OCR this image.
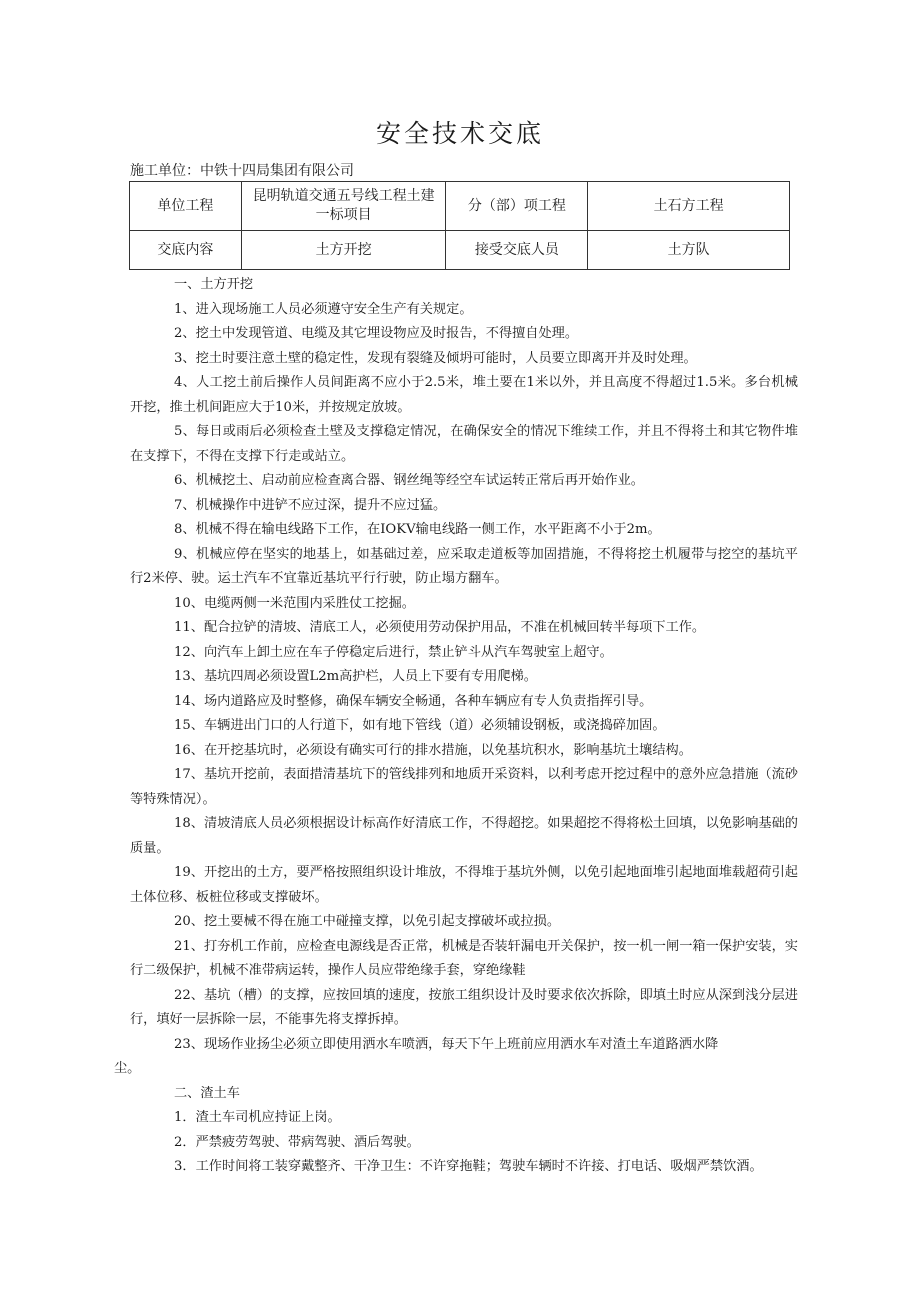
安全技术交底
施工单位：中铁十四局集团有限公司
单位工程	昆明轨道交通五号线工程土建一标项目	分（部）项工程	土石方工程
交底内容	土方开挖	接受交底人员	土方队

一、土方开挖

1、进入现场施工人员必须遵守安全生产有关规定。

2、挖土中发现管道、电缆及其它埋设物应及时报告，不得擅自处理。

3、挖土时要注意土壁的稳定性，发现有裂缝及倾坍可能时，人员要立即离开并及时处理。

4、人工挖土前后操作人员间距离不应小于2.5米，堆土要在1米以外，并且高度不得超过1.5米。多台机械开挖，推土机间距应大于10米，并按规定放坡。

5、每日或雨后必须检查土壁及支撑稳定情况，在确保安全的情况下维续工作，并且不得将土和其它物件堆在支撑下，不得在支撑下行走或站立。

6、机械挖土、启动前应检查离合器、钢丝绳等经空车试运转正常后再开始作业。

7、机械操作中进铲不应过深，提升不应过猛。

8、机械不得在输电线路下工作，在IOKV输电线路一侧工作，水平距离不小于2m。

9、机械应停在坚实的地基上，如基础过差，应采取走道板等加固措施，不得将挖土机履带与挖空的基坑平行2米停、驶。运土汽车不宜靠近基坑平行行驶，防止塌方翻车。

10、电缆两侧一米范围内采胜仗工挖掘。

11、配合拉铲的清坡、清底工人，必须使用劳动保护用品，不准在机械回转半每项下工作。

12、向汽车上卸土应在车子停稳定后进行，禁止铲斗从汽车驾驶室上超守。

13、基坑四周必须设置L2m高护栏，人员上下要有专用爬梯。

14、场内道路应及时整修，确保车辆安全畅通，各种车辆应有专人负责指挥引导。

15、车辆进出门口的人行道下，如有地下管线（道）必须辅设钢板，或浇捣碎加固。

16、在开挖基坑时，必须设有确实可行的排水措施，以免基坑积水，影响基坑土壤结构。

17、基坑开挖前，表面措清基坑下的管线排列和地质开采资料，以利考虑开挖过程中的意外应急措施（流砂等特殊情况）。

18、清坡清底人员必须根据设计标高作好清底工作，不得超挖。如果超挖不得将松土回填，以免影响基础的质量。

19、开挖出的土方，要严格按照组织设计堆放，不得堆于基坑外侧，以免引起地面堆引起地面堆载超荷引起土体位移、板桩位移或支撑破坏。

20、挖土要械不得在施工中碰撞支撑，以免引起支撑破坏或拉损。

21、打夯机工作前，应检查电源线是否正常，机械是否装轩漏电开关保护，按一机一闸一箱一保护安装，实行二级保护，机械不准带病运转，操作人员应带绝缘手套，穿绝缘鞋

22、基坑（槽）的支撑，应按回填的速度，按旅工组织设计及时要求依次拆除，即填土时应从深到浅分层进行，填好一层拆除一层，不能事先将支撑拆掉。

23、现场作业扬尘必须立即使用洒水车喷洒，每天下午上班前应用洒水车对渣土车道路洒水降

尘。

二、渣土车

1．渣土车司机应持证上岗。

2．严禁疲劳驾驶、带病驾驶、酒后驾驶。

3．工作时间将工装穿戴整齐、干净卫生：不许穿拖鞋；驾驶车辆时不许接、打电话、吸烟严禁饮酒。
